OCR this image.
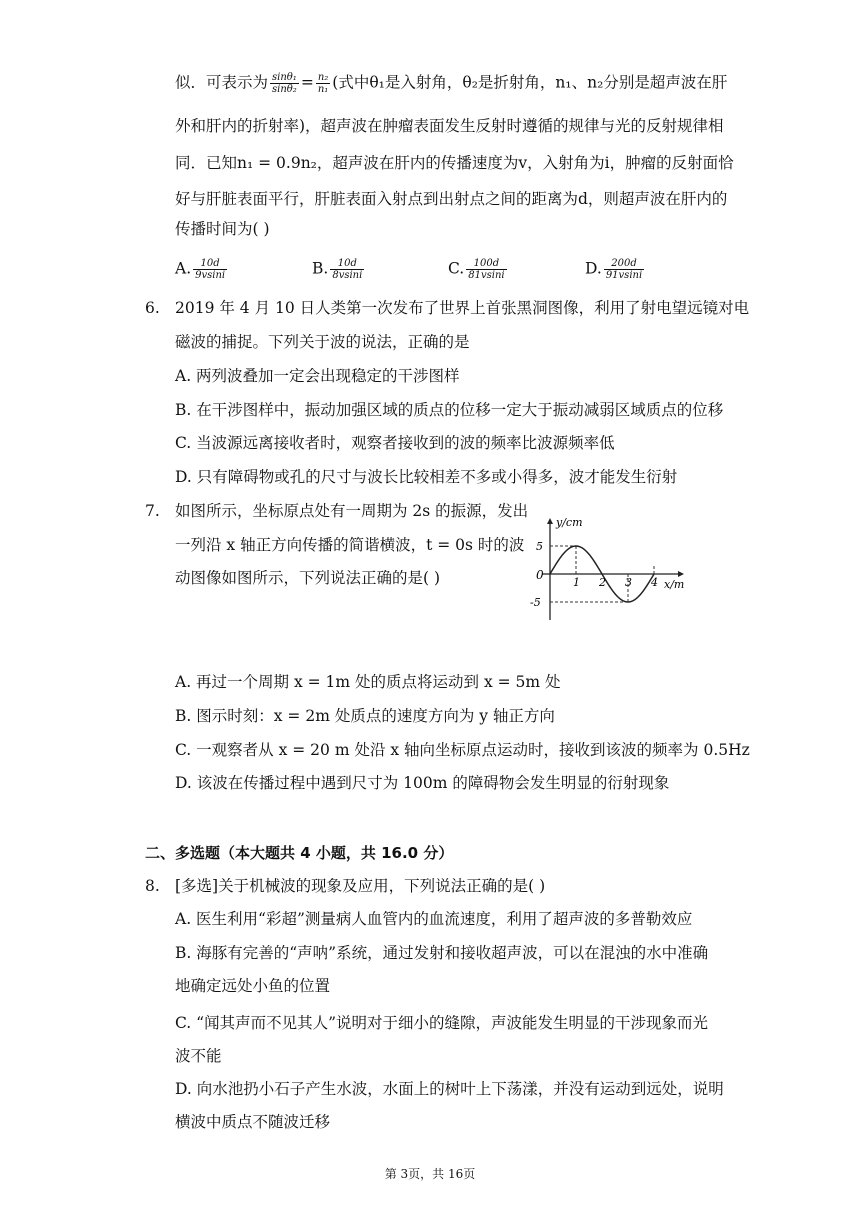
似．可表示为 $\frac{\text{sinθ₁}}{\text{sinθ₂}} = \frac{\text{n₂}}{\text{n₁}}$ (式中θ₁是入射角，θ₂是折射角，n₁、n₂分别是超声波在肝
外和肝内的折射率)，超声波在肿瘤表面发生反射时遵循的规律与光的反射规律相
同．已知n₁ = 0.9n₂，超声波在肝内的传播速度为v，入射角为i，肿瘤的反射面恰
好与肝脏表面平行，肝脏表面入射点到出射点之间的距离为d，则超声波在肝内的
传播时间为( )
A. $\frac{10d}{9vsini}$	B. $\frac{10d}{8vsini}$	C. $\frac{100d}{81vsini}$	D. $\frac{200d}{91vsini}$
6. 2019 年 4 月 10 日人类第一次发布了世界上首张黑洞图像，利用了射电望远镜对电
磁波的捕捉。下列关于波的说法，正确的是
A. 两列波叠加一定会出现稳定的干涉图样
B. 在干涉图样中，振动加强区域的质点的位移一定大于振动减弱区域质点的位移
C. 当波源远离接收者时，观察者接收到的波的频率比波源频率低
D. 只有障碍物或孔的尺寸与波长比较相差不多或小得多，波才能发生衍射
7. 如图所示，坐标原点处有一周期为 2s 的振源，发出
一列沿 x 轴正方向传播的简谐横波，t = 0s 时的波
动图像如图所示，下列说法正确的是( )
y/cm
x/m
0
1 2 3 4
5
-5
A. 再过一个周期 x = 1m 处的质点将运动到 x = 5m 处
B. 图示时刻：x = 2m 处质点的速度方向为 y 轴正方向
C. 一观察者从 x = 20 m 处沿 x 轴向坐标原点运动时，接收到该波的频率为 0.5Hz
D. 该波在传播过程中遇到尺寸为 100m 的障碍物会发生明显的衍射现象
二、多选题（本大题共 4 小题，共 16.0 分）
8. [多选]关于机械波的现象及应用，下列说法正确的是( )
A. 医生利用“彩超”测量病人血管内的血流速度，利用了超声波的多普勒效应
B. 海豚有完善的“声呐”系统，通过发射和接收超声波，可以在混浊的水中准确
地确定远处小鱼的位置
C. “闻其声而不见其人”说明对于细小的缝隙，声波能发生明显的干涉现象而光
波不能
D. 向水池扔小石子产生水波，水面上的树叶上下荡漾，并没有运动到远处，说明
横波中质点不随波迁移
第 3页，共 16页
